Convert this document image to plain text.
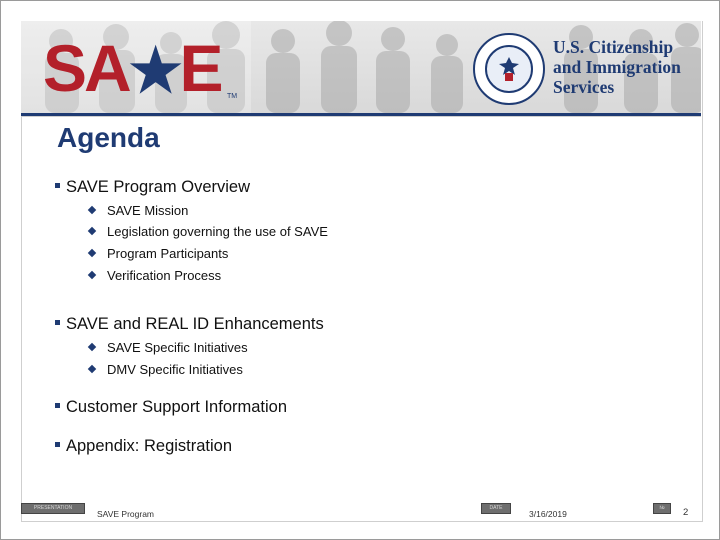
SA★E TM
U.S. Citizenship
and Immigration
Services
Agenda
SAVE Program Overview
SAVE Mission
Legislation governing the use of SAVE
Program Participants
Verification Process
SAVE and REAL ID Enhancements
SAVE Specific Initiatives
DMV Specific Initiatives
Customer Support Information
Appendix: Registration
PRESENTATION
SAVE Program
DATE
3/16/2019
№	2
